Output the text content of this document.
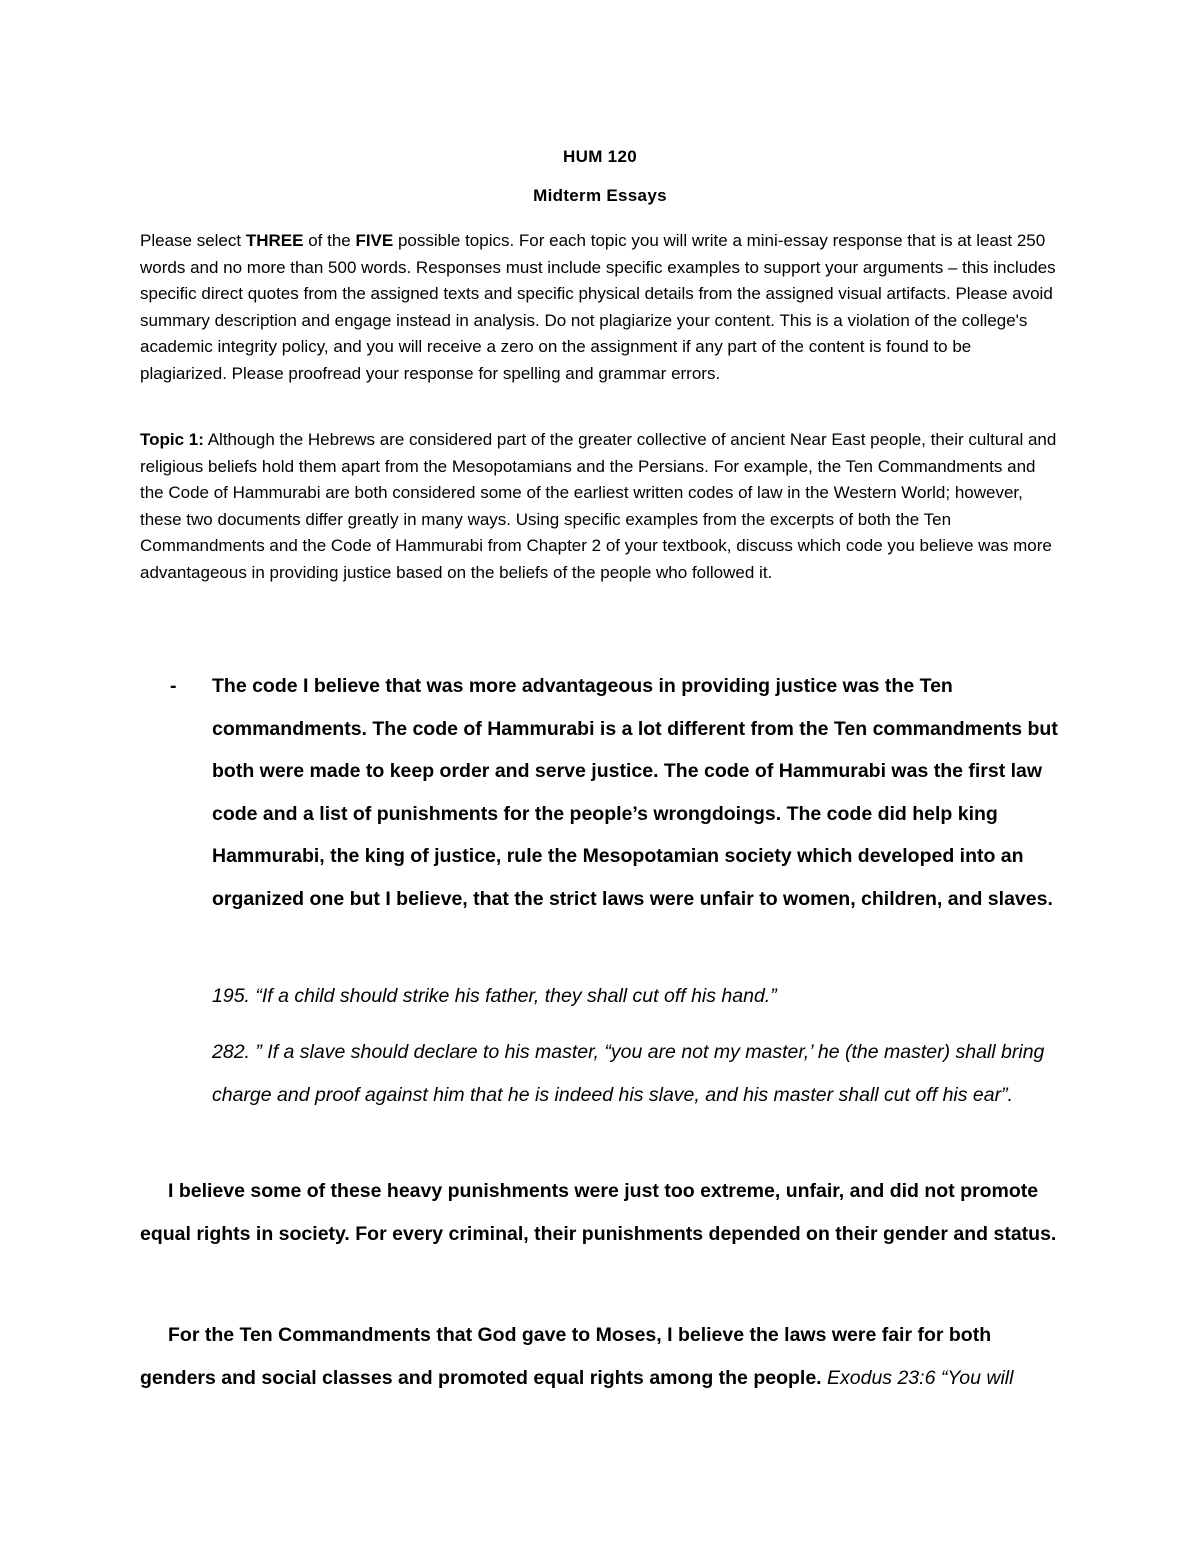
HUM 120
Midterm Essays
Please select THREE of the FIVE possible topics. For each topic you will write a mini-essay response that is at least 250 words and no more than 500 words. Responses must include specific examples to support your arguments – this includes specific direct quotes from the assigned texts and specific physical details from the assigned visual artifacts. Please avoid summary description and engage instead in analysis. Do not plagiarize your content. This is a violation of the college's academic integrity policy, and you will receive a zero on the assignment if any part of the content is found to be plagiarized. Please proofread your response for spelling and grammar errors.
Topic 1: Although the Hebrews are considered part of the greater collective of ancient Near East people, their cultural and religious beliefs hold them apart from the Mesopotamians and the Persians. For example, the Ten Commandments and the Code of Hammurabi are both considered some of the earliest written codes of law in the Western World; however, these two documents differ greatly in many ways. Using specific examples from the excerpts of both the Ten Commandments and the Code of Hammurabi from Chapter 2 of your textbook, discuss which code you believe was more advantageous in providing justice based on the beliefs of the people who followed it.
- The code I believe that was more advantageous in providing justice was the Ten commandments. The code of Hammurabi is a lot different from the Ten commandments but both were made to keep order and serve justice. The code of Hammurabi was the first law code and a list of punishments for the people’s wrongdoings. The code did help king Hammurabi, the king of justice, rule the Mesopotamian society which developed into an organized one but I believe, that the strict laws were unfair to women, children, and slaves.
195. “If a child should strike his father, they shall cut off his hand.”
282. ” If a slave should declare to his master, “you are not my master,’ he (the master) shall bring charge and proof against him that he is indeed his slave, and his master shall cut off his ear”.
I believe some of these heavy punishments were just too extreme, unfair, and did not promote equal rights in society. For every criminal, their punishments depended on their gender and status.
For the Ten Commandments that God gave to Moses, I believe the laws were fair for both genders and social classes and promoted equal rights among the people. Exodus 23:6 “You will
